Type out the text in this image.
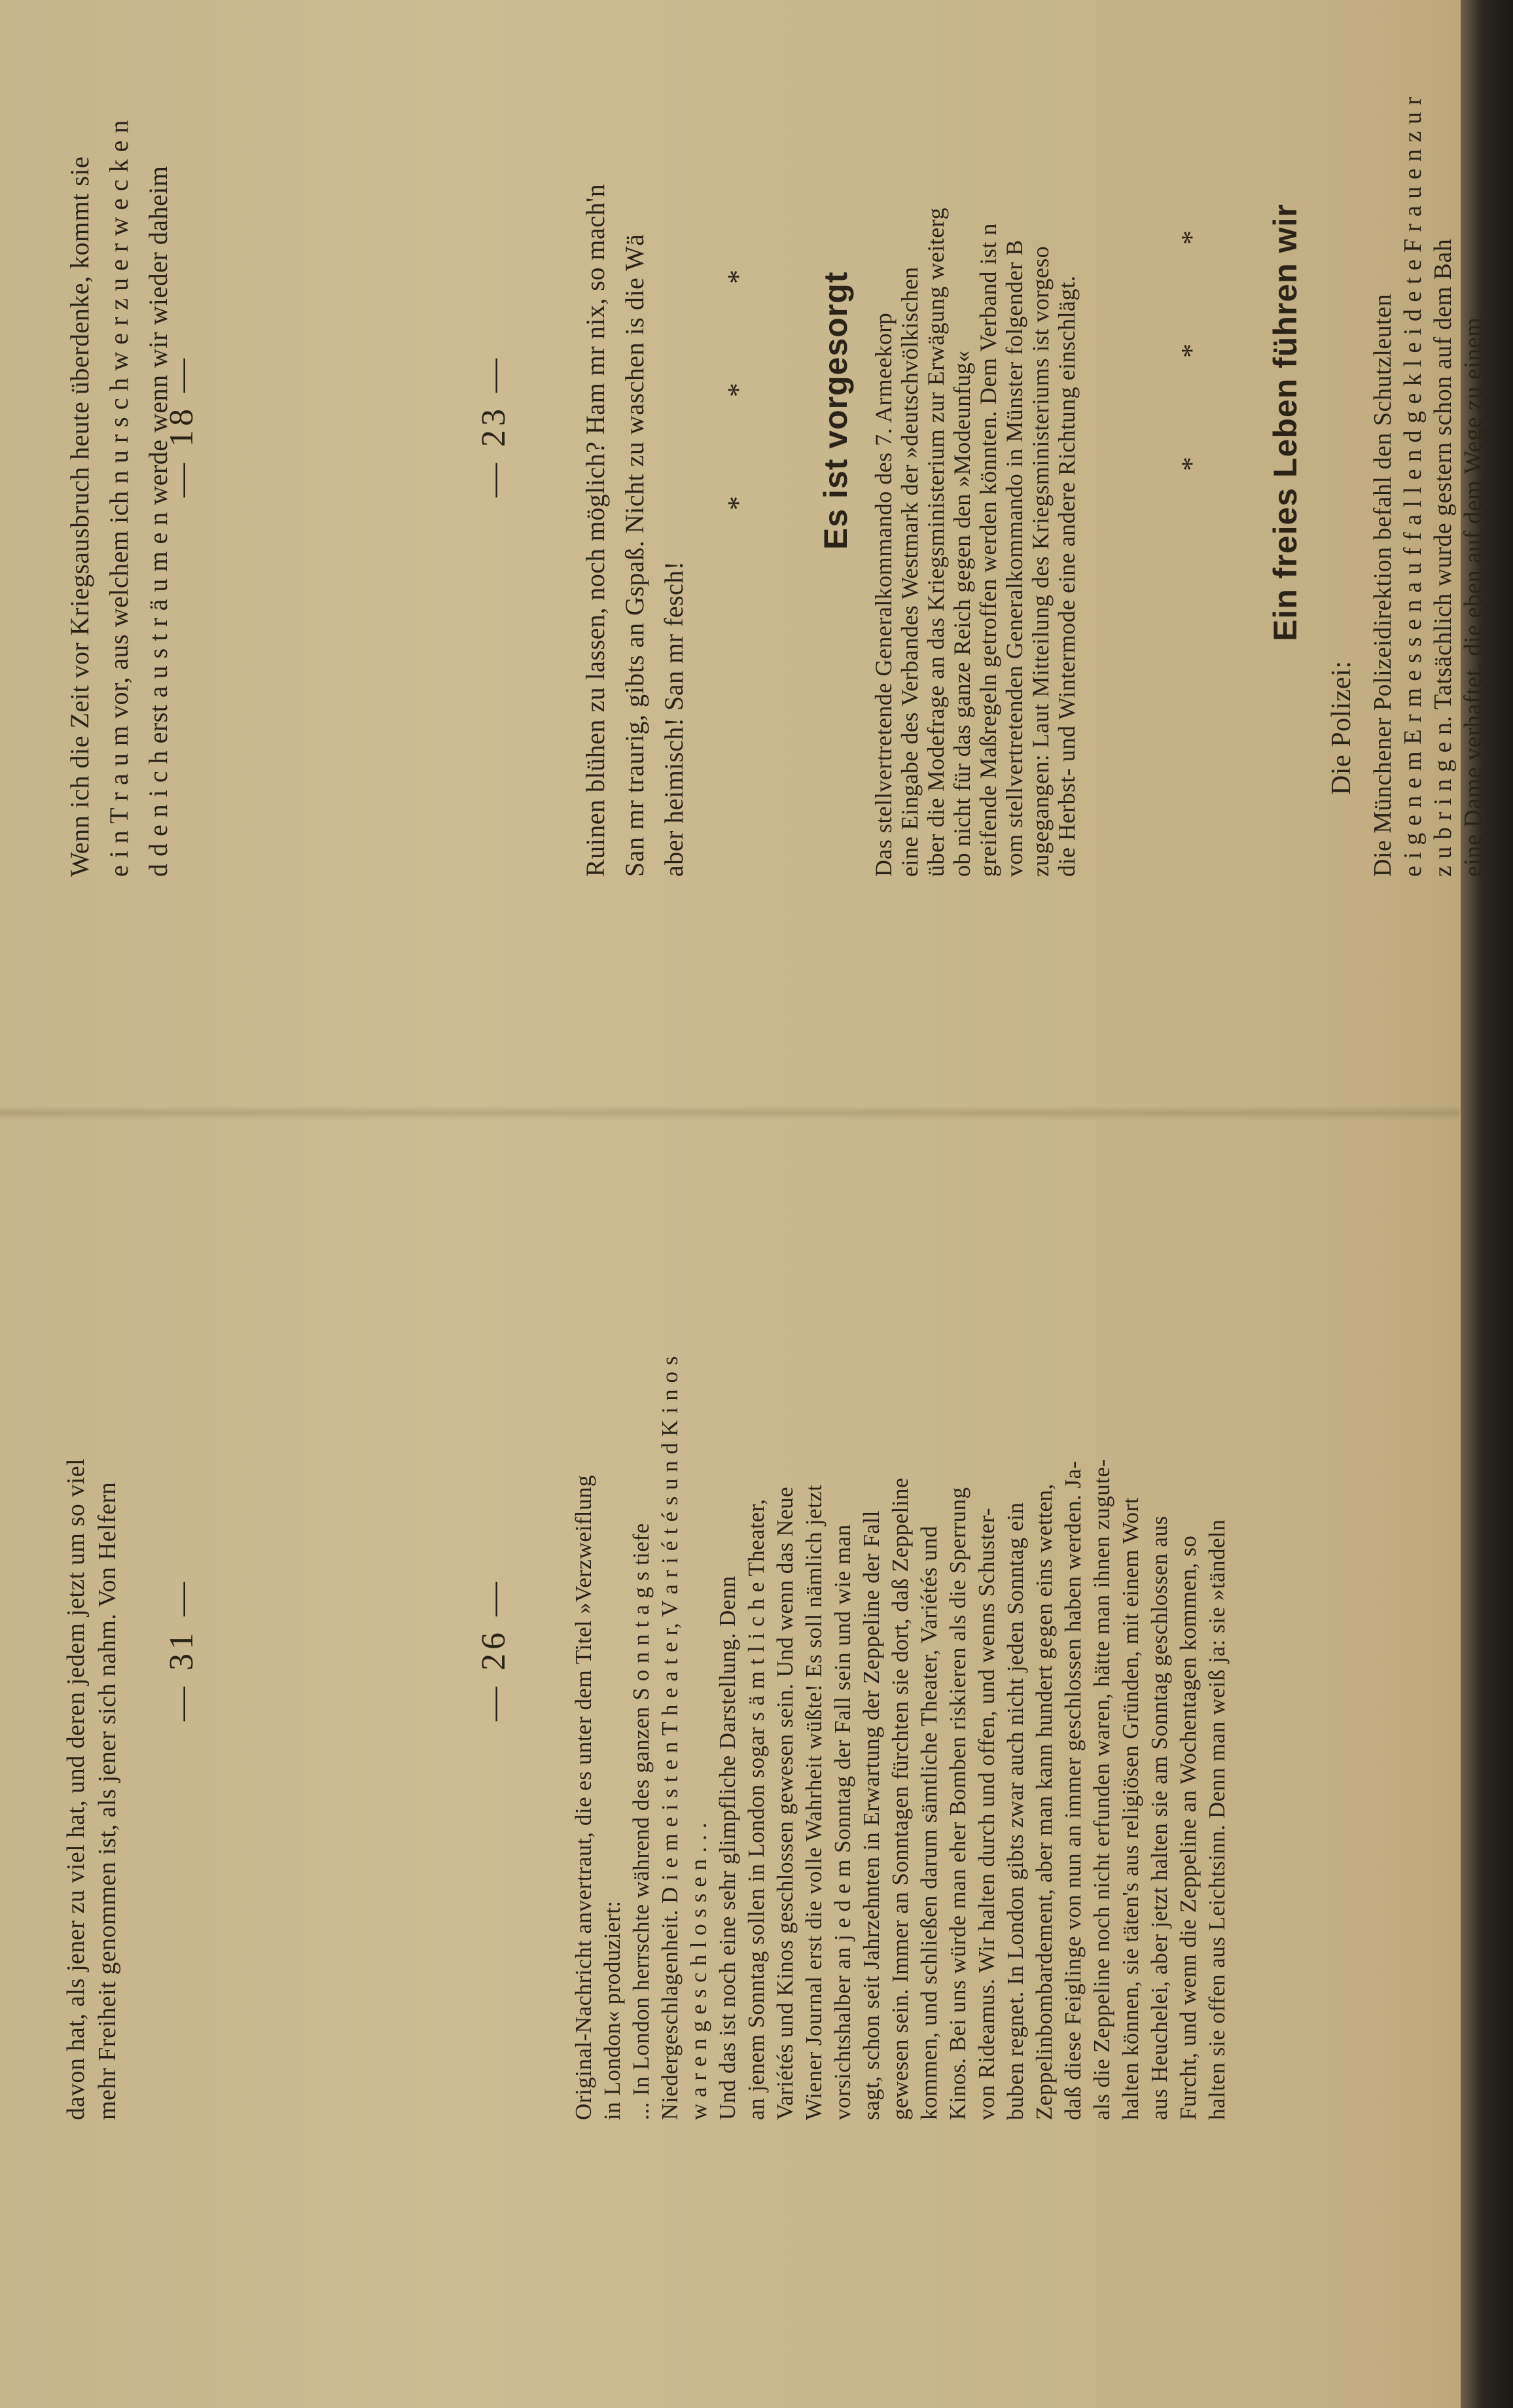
Wenn ich die Zeit vor Kriegsausbruch heute überdenke, kommt sie e i n T r a u m vor, aus welchem ich n u r s c h w e r z u e r w e c k e n d d e n i c h erst a u s t r ä u m e n werde wenn wir wieder daheim

— 18 —	— 23 —	Ruinen blühen zu lassen, noch möglich? Ham mr nix, so mach'n San mr traurig, gibts an Gspaß. Nicht zu waschen is die Wä aber heimisch! San mr fesch!

* * * Es ist vorgesorgt Das stellvertretende Generalkommando des 7. Armeekorp eine Eingabe des Verbandes Westmark der »deutschvölkischen über die Modefrage an das Kriegsministerium zur Erwägung weiterg ob nicht für das ganze Reich gegen den »Modeunfug« greifende Maßregeln getroffen werden könnten. Dem Verband ist n vom stellvertretenden Generalkommando in Münster folgender B zugegangen: Laut Mitteilung des Kriegsministeriums ist vorgeso die Herbst- und Wintermode eine andere Richtung einschlägt.	* * * Ein freies Leben führen wir
Die Polizei: Die Münchener Polizeidirektion befahl den Schutzleuten e i g e n e m E r m e s s e n a u f f a l l e n d g e k l e i d e t e F r a u e n z u r z u b r i n g e n. Tatsächlich wurde gestern schon auf dem Bah eine Dame verhaftet, die eben auf dem Wege zu einem

— 31 —	— 26 —	Original-Nachricht anvertraut, die es unter dem Titel »Verzweiflung in London« produziert: ... In London herrschte während des ganzen S o n n t a g s tiefe Niedergeschlagenheit. D i e m e i s t e n T h e a t e r, V a r i é t é s u n d K i n o s w a r e n g e s c h l o s s e n . . . Und das ist noch eine sehr glimpfliche Darstellung. Denn an jenem Sonntag sollen in London sogar s ä m t l i c h e Theater, Variétés und Kinos geschlossen gewesen sein. Und wenn das Neue Wiener Journal erst die volle Wahrheit wüßte! Es soll nämlich jetzt vorsichtshalber an j e d e m Sonntag der Fall sein und wie man sagt, schon seit Jahrzehnten in Erwartung der Zeppeline der Fall gewesen sein. Immer an Sonntagen fürchten sie dort, daß Zeppeline kommen, und schließen darum sämtliche Theater, Variétés und Kinos. Bei uns würde man eher Bomben riskieren als die Sperrung von Rideamus. Wir halten durch und offen, und wenns Schuster- buben regnet. In London gibts zwar auch nicht jeden Sonntag ein Zeppelinbombardement, aber man kann hundert gegen eins wetten, daß diese Feiglinge von nun an immer geschlossen haben werden. Ja- als die Zeppeline noch nicht erfunden waren, hätte man ihnen zugute- halten können, sie täten's aus religiösen Gründen, mit einem Wort aus Heuchelei, aber jetzt halten sie am Sonntag geschlossen aus Furcht, und wenn die Zeppeline an Wochentagen kommen, so halten sie offen aus Leichtsinn. Denn man weiß ja: sie »tändeln

davon hat, als jener zu viel hat, und deren jedem jetzt um so viel mehr Freiheit genommen ist, als jener sich nahm. Von Helfern
